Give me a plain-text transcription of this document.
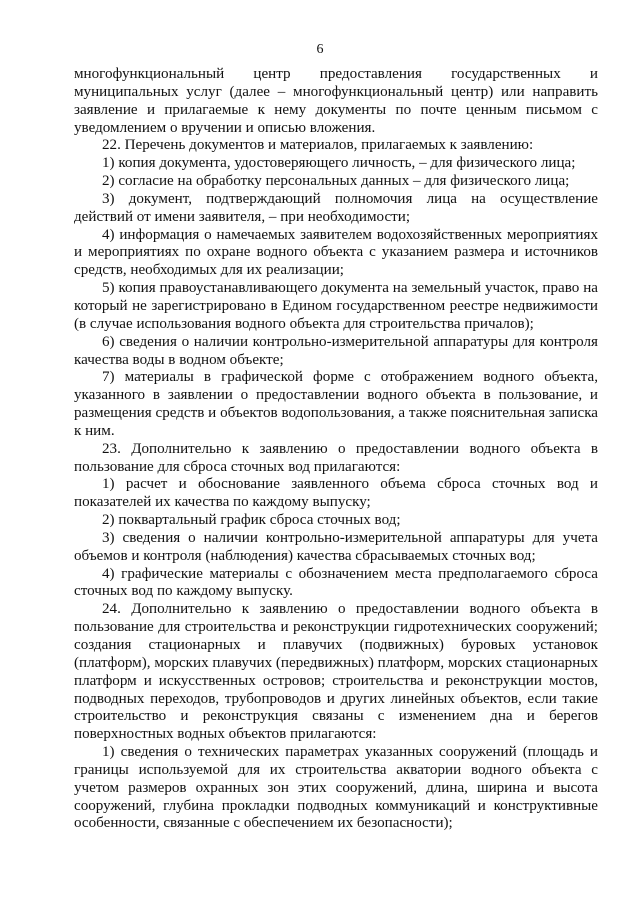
6

многофункциональный центр предоставления государственных и муниципальных услуг (далее – многофункциональный центр) или направить заявление и прилагаемые к нему документы по почте ценным письмом с уведомлением о вручении и описью вложения.

22. Перечень документов и материалов, прилагаемых к заявлению:

1) копия документа, удостоверяющего личность, – для физического лица;

2) согласие на обработку персональных данных – для физического лица;

3) документ, подтверждающий полномочия лица на осуществление действий от имени заявителя, – при необходимости;

4) информация о намечаемых заявителем водохозяйственных мероприятиях и мероприятиях по охране водного объекта с указанием размера и источников средств, необходимых для их реализации;

5) копия правоустанавливающего документа на земельный участок, право на который не зарегистрировано в Едином государственном реестре недвижимости (в случае использования водного объекта для строительства причалов);

6) сведения о наличии контрольно-измерительной аппаратуры для контроля качества воды в водном объекте;

7) материалы в графической форме с отображением водного объекта, указанного в заявлении о предоставлении водного объекта в пользование, и размещения средств и объектов водопользования, а также пояснительная записка к ним.

23. Дополнительно к заявлению о предоставлении водного объекта в пользование для сброса сточных вод прилагаются:

1) расчет и обоснование заявленного объема сброса сточных вод и показателей их качества по каждому выпуску;

2) поквартальный график сброса сточных вод;

3) сведения о наличии контрольно-измерительной аппаратуры для учета объемов и контроля (наблюдения) качества сбрасываемых сточных вод;

4) графические материалы с обозначением места предполагаемого сброса сточных вод по каждому выпуску.

24. Дополнительно к заявлению о предоставлении водного объекта в пользование для строительства и реконструкции гидротехнических сооружений; создания стационарных и плавучих (подвижных) буровых установок (платформ), морских плавучих (передвижных) платформ, морских стационарных платформ и искусственных островов; строительства и реконструкции мостов, подводных переходов, трубопроводов и других линейных объектов, если такие строительство и реконструкция связаны с изменением дна и берегов поверхностных водных объектов прилагаются:

1) сведения о технических параметрах указанных сооружений (площадь и границы используемой для их строительства акватории водного объекта с учетом размеров охранных зон этих сооружений, длина, ширина и высота сооружений, глубина прокладки подводных коммуникаций и конструктивные особенности, связанные с обеспечением их безопасности);
